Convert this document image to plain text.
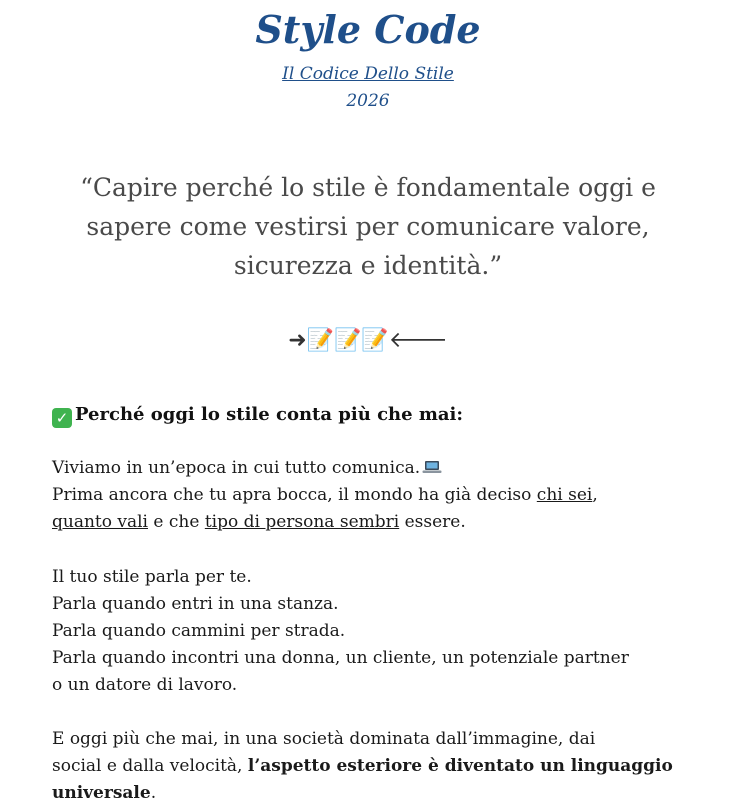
Style Code
Il Codice Dello Stile
2026
“Capire perché lo stile è fondamentale oggi e
sapere come vestirsi per comunicare valore,
sicurezza e identità.”
➜📝📝📝🡐
✓ Perché oggi lo stile conta più che mai:
Viviamo in un’epoca in cui tutto comunica.
Prima ancora che tu apra bocca, il mondo ha già deciso chi sei,
quanto vali e che tipo di persona sembri essere.
Il tuo stile parla per te.
Parla quando entri in una stanza.
Parla quando cammini per strada.
Parla quando incontri una donna, un cliente, un potenziale partner
o un datore di lavoro.
E oggi più che mai, in una società dominata dall’immagine, dai
social e dalla velocità, l’aspetto esteriore è diventato un linguaggio
universale.
